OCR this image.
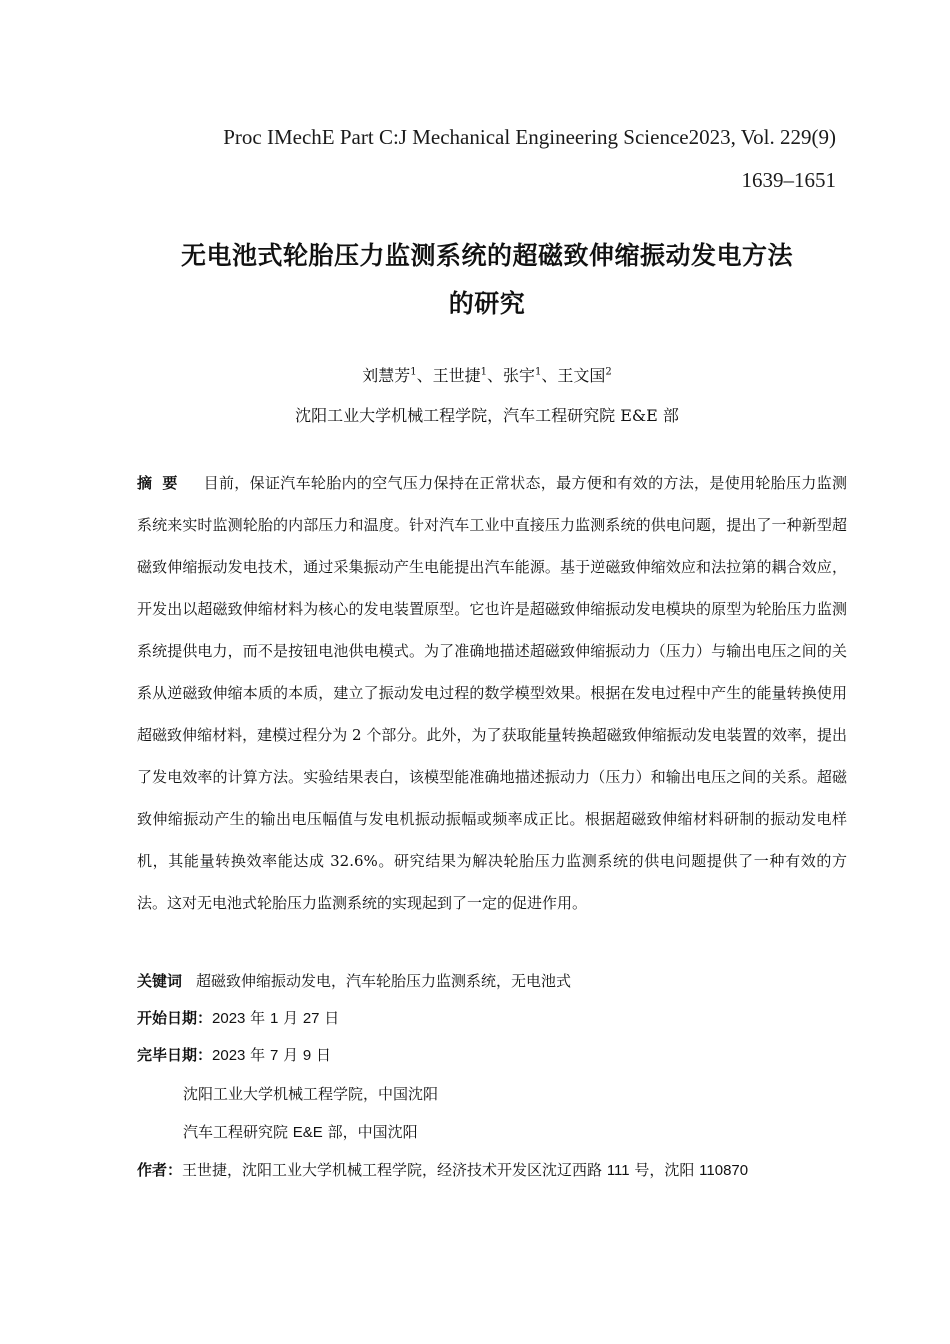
Proc IMechE Part C:J Mechanical Engineering Science2023, Vol. 229(9)
1639–1651
无电池式轮胎压力监测系统的超磁致伸缩振动发电方法
的研究
刘慧芳$^1$、王世捷$^1$、张宇$^1$、王文国$^2$
沈阳工业大学机械工程学院，汽车工程研究院 E&E 部
摘要 目前，保证汽车轮胎内的空气压力保持在正常状态，最方便和有效的方法，是使用轮胎压力监测系统来实时监测轮胎的内部压力和温度。针对汽车工业中直接压力监测系统的供电问题，提出了一种新型超磁致伸缩振动发电技术，通过采集振动产生电能提出汽车能源。基于逆磁致伸缩效应和法拉第的耦合效应，开发出以超磁致伸缩材料为核心的发电装置原型。它也许是超磁致伸缩振动发电模块的原型为轮胎压力监测系统提供电力，而不是按钮电池供电模式。为了准确地描述超磁致伸缩振动力（压力）与输出电压之间的关系从逆磁致伸缩本质的本质，建立了振动发电过程的数学模型效果。根据在发电过程中产生的能量转换使用超磁致伸缩材料，建模过程分为 2 个部分。此外，为了获取能量转换超磁致伸缩振动发电装置的效率，提出了发电效率的计算方法。实验结果表白，该模型能准确地描述振动力（压力）和输出电压之间的关系。超磁致伸缩振动产生的输出电压幅值与发电机振动振幅或频率成正比。根据超磁致伸缩材料研制的振动发电样机，其能量转换效率能达成 32.6%。研究结果为解决轮胎压力监测系统的供电问题提供了一种有效的方法。这对无电池式轮胎压力监测系统的实现起到了一定的促进作用。
关键词 超磁致伸缩振动发电，汽车轮胎压力监测系统，无电池式
开始日期：2023 年 1 月 27 日
完毕日期：2023 年 7 月 9 日
沈阳工业大学机械工程学院，中国沈阳
汽车工程研究院 E&E 部，中国沈阳
作者：王世捷，沈阳工业大学机械工程学院，经济技术开发区沈辽西路 111 号，沈阳 110870
